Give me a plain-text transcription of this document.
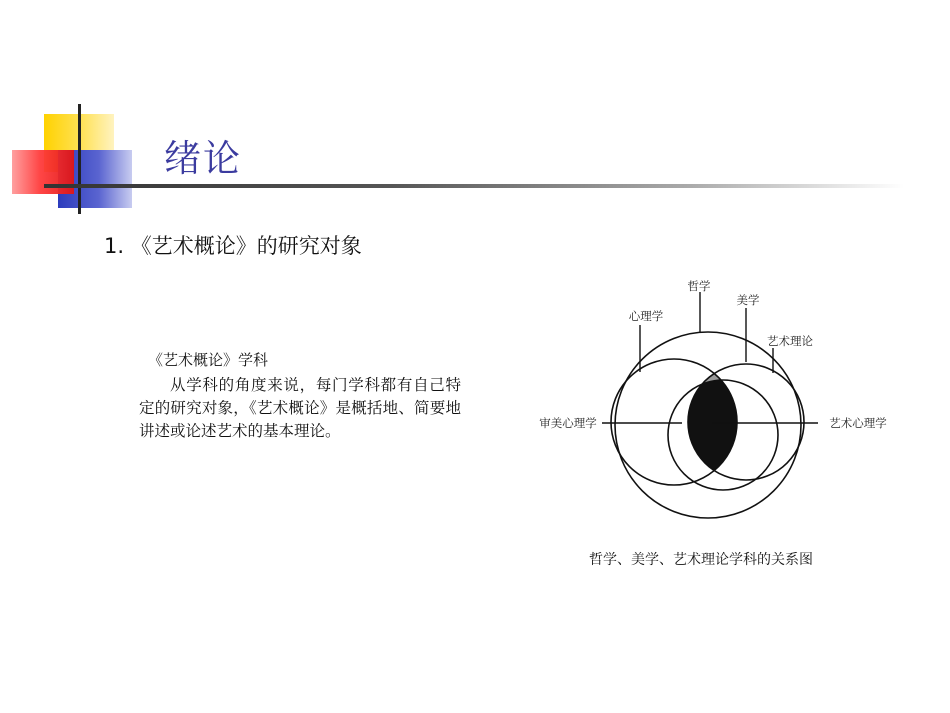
绪论
1. 《艺术概论》的研究对象
《艺术概论》学科
从学科的角度来说，每门学科都有自己特定的研究对象，《艺术概论》是概括地、简要地讲述或论述艺术的基本理论。
哲学
美学
心理学
艺术理论
审美心理学	艺术心理学
哲学、美学、艺术理论学科的关系图
